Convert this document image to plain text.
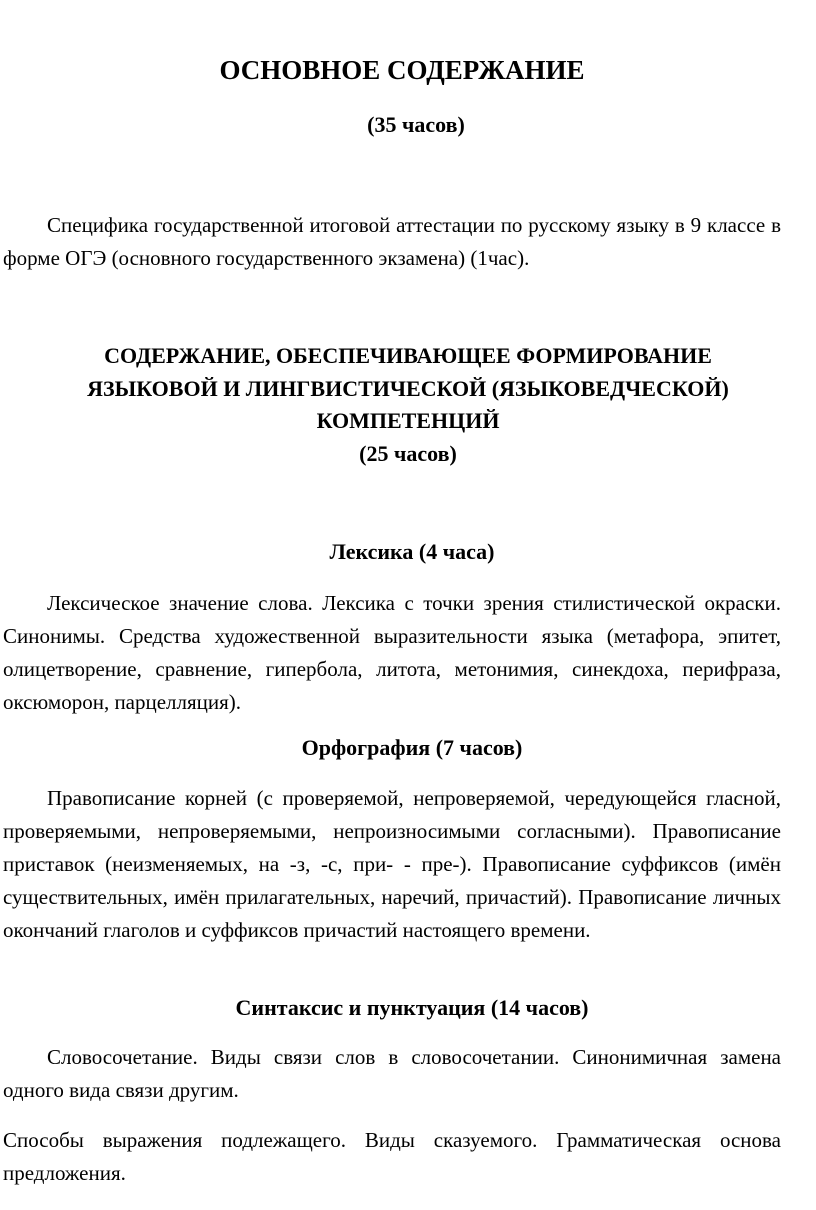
ОСНОВНОЕ СОДЕРЖАНИЕ
(35 часов)

Специфика государственной итоговой аттестации по русскому языку в 9 классе в форме ОГЭ (основного государственного экзамена) (1час).

СОДЕРЖАНИЕ, ОБЕСПЕЧИВАЮЩЕЕ ФОРМИРОВАНИЕ
ЯЗЫКОВОЙ И ЛИНГВИСТИЧЕСКОЙ (ЯЗЫКОВЕДЧЕСКОЙ)
КОМПЕТЕНЦИЙ
(25 часов)
Лексика (4 часа)

Лексическое значение слова. Лексика с точки зрения стилистической окраски. Синонимы. Средства художественной выразительности языка (метафора, эпитет, олицетворение, сравнение, гипербола, литота, метонимия, синекдоха, перифраза, оксюморон, парцелляция).

Орфография (7 часов)

Правописание корней (с проверяемой, непроверяемой, чередующейся гласной, проверяемыми, непроверяемыми, непроизносимыми согласными). Правописание приставок (неизменяемых, на -з, -с, при- - пре-). Правописание суффиксов (имён существительных, имён прилагательных, наречий, причастий). Правописание личных окончаний глаголов и суффиксов причастий настоящего времени.

Синтаксис и пунктуация (14 часов)

Словосочетание. Виды связи слов в словосочетании. Синонимичная замена одного вида связи другим.

Способы выражения подлежащего. Виды сказуемого. Грамматическая основа предложения.
